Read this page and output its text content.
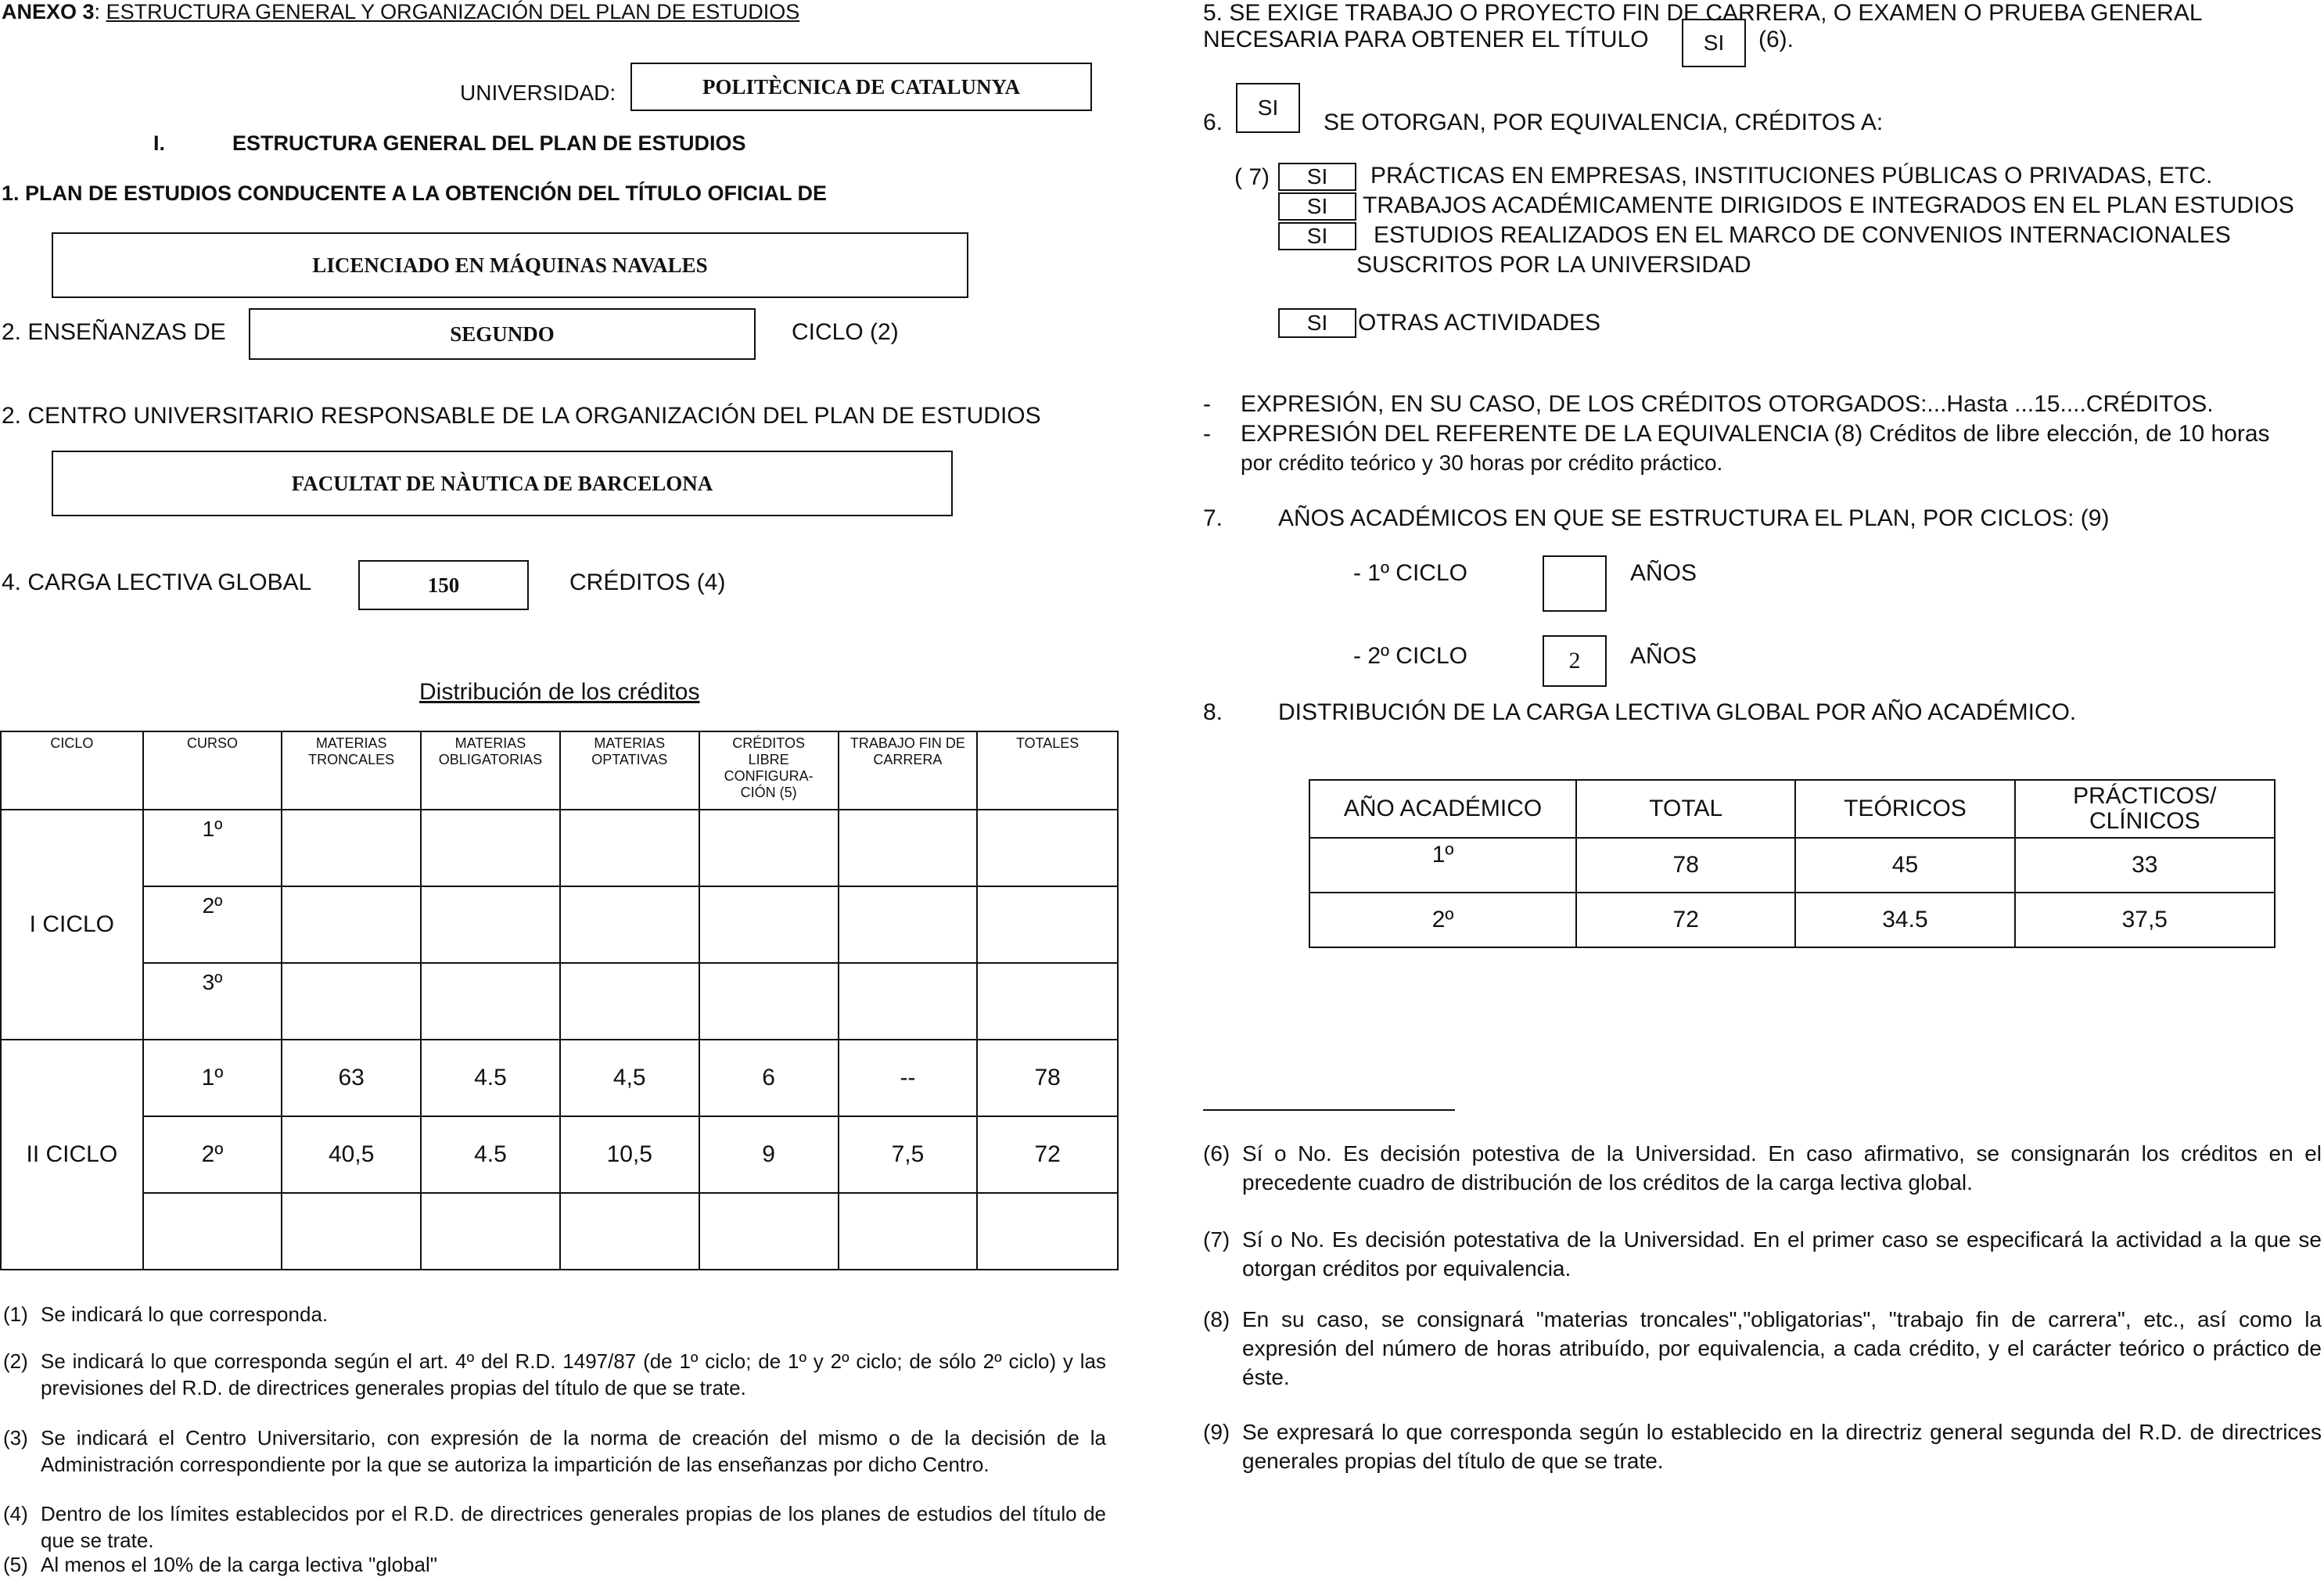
ANEXO 3: ESTRUCTURA GENERAL Y ORGANIZACIÓN DEL PLAN DE ESTUDIOS
UNIVERSIDAD:	POLITÈCNICA DE CATALUNYA
I.	ESTRUCTURA GENERAL DEL PLAN DE ESTUDIOS
1. PLAN DE ESTUDIOS CONDUCENTE A LA OBTENCIÓN DEL TÍTULO OFICIAL DE
LICENCIADO EN MÁQUINAS NAVALES
2. ENSEÑANZAS DE	SEGUNDO	CICLO (2)
2. CENTRO UNIVERSITARIO RESPONSABLE DE LA ORGANIZACIÓN DEL PLAN DE ESTUDIOS
FACULTAT DE NÀUTICA DE BARCELONA
4. CARGA LECTIVA GLOBAL	150	CRÉDITOS (4)
Distribución de los créditos
CICLO	CURSO	MATERIAS TRONCALES	MATERIAS OBLIGATORIAS	MATERIAS OPTATIVAS	CRÉDITOS LIBRE CONFIGURA-CIÓN (5)	TRABAJO FIN DE CARRERA	TOTALES
I CICLO	1º						
	2º						
	3º						
II CICLO	1º	63	4.5	4,5	6	--	78
	2º	40,5	4.5	10,5	9	7,5	72

(1) Se indicará lo que corresponda.
(2) Se indicará lo que corresponda según el art. 4º del R.D. 1497/87 (de 1º ciclo; de 1º y 2º ciclo; de sólo 2º ciclo) y las previsiones del R.D. de directrices generales propias del título de que se trate.
(3) Se indicará el Centro Universitario, con expresión de la norma de creación del mismo o de la decisión de la Administración correspondiente por la que se autoriza la impartición de las enseñanzas por dicho Centro.
(4) Dentro de los límites establecidos por el R.D. de directrices generales propias de los planes de estudios del título de que se trate.
(5) Al menos el 10% de la carga lectiva "global"
5. SE EXIGE TRABAJO O PROYECTO FIN DE CARRERA, O EXAMEN O PRUEBA GENERAL
NECESARIA PARA OBTENER EL TÍTULO	SI	(6).
6.
SI
SE OTORGAN, POR EQUIVALENCIA, CRÉDITOS A:
( 7)	SI	PRÁCTICAS EN EMPRESAS, INSTITUCIONES PÚBLICAS O PRIVADAS, ETC.
SI	TRABAJOS ACADÉMICAMENTE DIRIGIDOS E INTEGRADOS EN EL PLAN ESTUDIOS
SI	ESTUDIOS REALIZADOS EN EL MARCO DE CONVENIOS INTERNACIONALES
SUSCRITOS POR LA UNIVERSIDAD
SI	OTRAS ACTIVIDADES
- EXPRESIÓN, EN SU CASO, DE LOS CRÉDITOS OTORGADOS:...Hasta ...15....CRÉDITOS.
- EXPRESIÓN DEL REFERENTE DE LA EQUIVALENCIA (8) Créditos de libre elección, de 10 horas
por crédito teórico y 30 horas por crédito práctico.
7. AÑOS ACADÉMICOS EN QUE SE ESTRUCTURA EL PLAN, POR CICLOS: (9)
- 1º CICLO	AÑOS
- 2º CICLO	2	AÑOS
8. DISTRIBUCIÓN DE LA CARGA LECTIVA GLOBAL POR AÑO ACADÉMICO.
AÑO ACADÉMICO	TOTAL	TEÓRICOS	PRÁCTICOS/ CLÍNICOS
1º	78	45	33
2º	72	34.5	37,5
(6) Sí o No. Es decisión potestiva de la Universidad. En caso afirmativo, se consignarán los créditos en el precedente cuadro de distribución de los créditos de la carga lectiva global.
(7) Sí o No. Es decisión potestativa de la Universidad. En el primer caso se especificará la actividad a la que se otorgan créditos por equivalencia.
(8) En su caso, se consignará "materias troncales","obligatorias", "trabajo fin de carrera", etc., así como la expresión del número de horas atribuído, por equivalencia, a cada crédito, y el carácter teórico o práctico de éste.
(9) Se expresará lo que corresponda según lo establecido en la directriz general segunda del R.D. de directrices generales propias del título de que se trate.
